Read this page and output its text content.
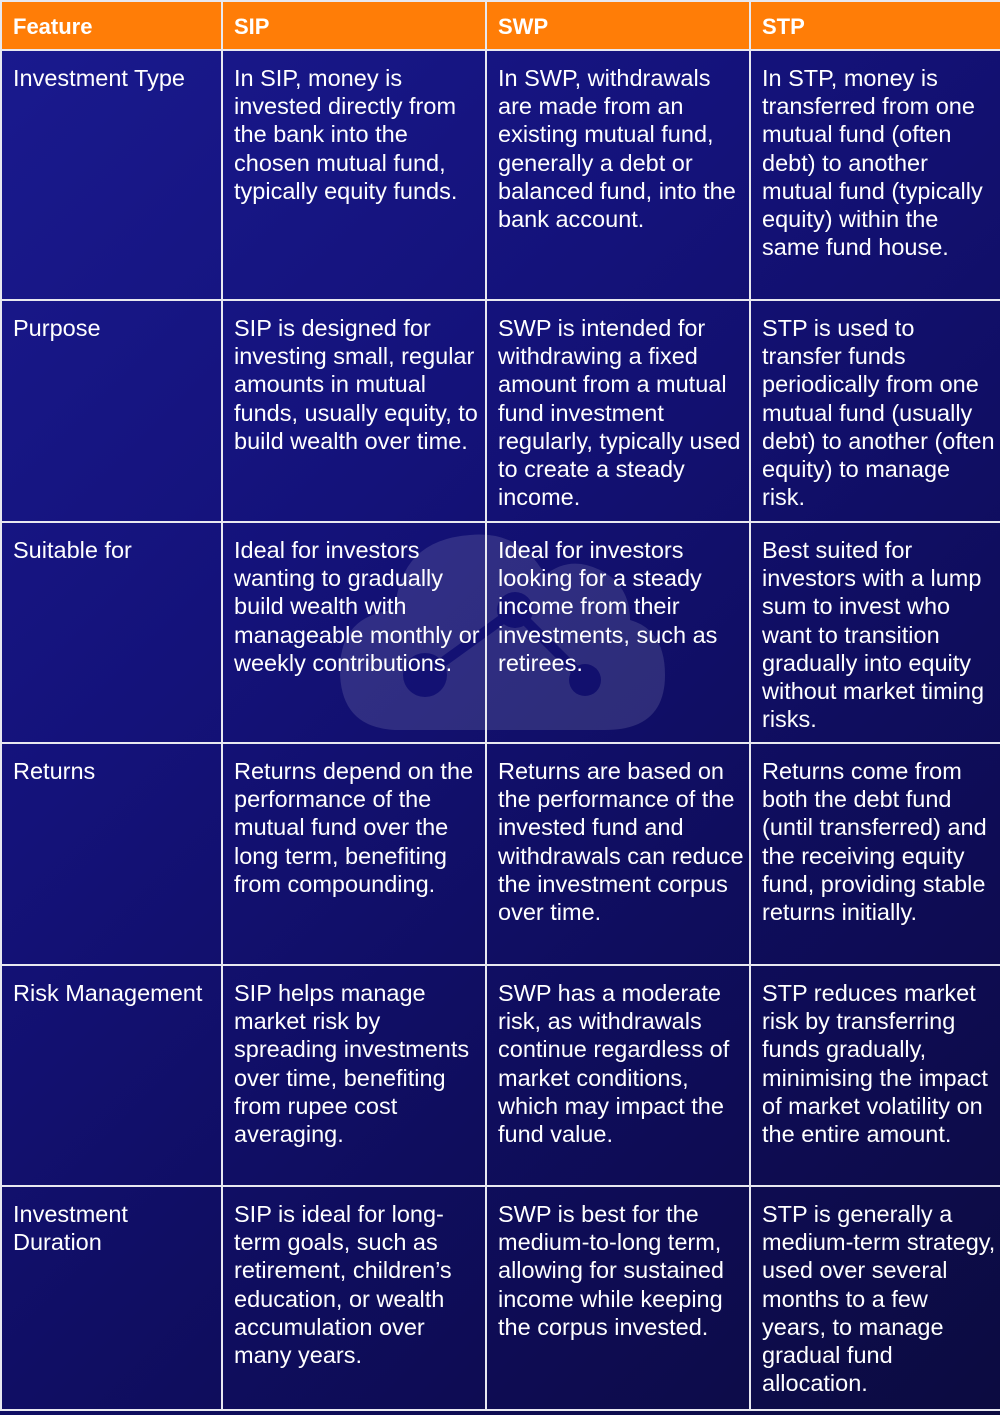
Feature	SIP	SWP	STP
Investment Type	In SIP, money is invested directly from the bank into the chosen mutual fund, typically equity funds.	In SWP, withdrawals are made from an existing mutual fund, generally a debt or balanced fund, into the bank account.	In STP, money is transferred from one mutual fund (often debt) to another mutual fund (typically equity) within the same fund house.
Purpose	SIP is designed for investing small, regular amounts in mutual funds, usually equity, to build wealth over time.	SWP is intended for withdrawing a fixed amount from a mutual fund investment regularly, typically used to create a steady income.	STP is used to transfer funds periodically from one mutual fund (usually debt) to another (often equity) to manage risk.
Suitable for	Ideal for investors wanting to gradually build wealth with manageable monthly or weekly contributions.	Ideal for investors looking for a steady income from their investments, such as retirees.	Best suited for investors with a lump sum to invest who want to transition gradually into equity without market timing risks.
Returns	Returns depend on the performance of the mutual fund over the long term, benefiting from compounding.	Returns are based on the performance of the invested fund and withdrawals can reduce the investment corpus over time.	Returns come from both the debt fund (until transferred) and the receiving equity fund, providing stable returns initially.
Risk Management	SIP helps manage market risk by spreading investments over time, benefiting from rupee cost averaging.	SWP has a moderate risk, as withdrawals continue regardless of market conditions, which may impact the fund value.	STP reduces market risk by transferring funds gradually, minimising the impact of market volatility on the entire amount.
Investment Duration	SIP is ideal for long-term goals, such as retirement, children’s education, or wealth accumulation over many years.	SWP is best for the medium-to-long term, allowing for sustained income while keeping the corpus invested.	STP is generally a medium-term strategy, used over several months to a few years, to manage gradual fund allocation.
